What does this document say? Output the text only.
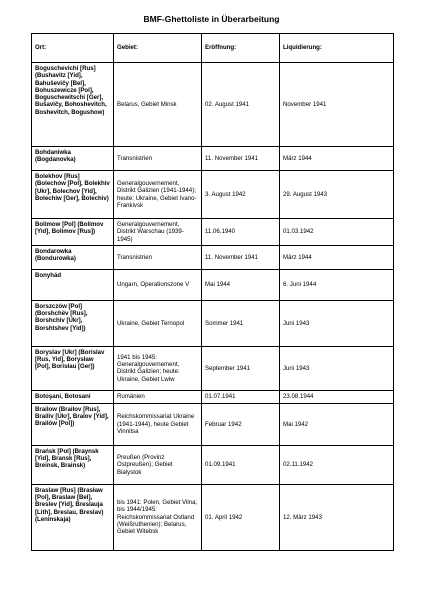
BMF-Ghettoliste in Überarbeitung
Ort:	Gebiet:	Eröffnung:	Liquidierung:
Boguschevichi [Rus] (Bushavitz [Yid], Bahuševičy [Bel], Bohuszewicze [Pol], Boguschewitschi [Ger], Bušavičy, Bohoshevitch, Boshevitch, Bogushow)	Belarus, Gebiet Minsk	02. August 1941	November 1941
Bohdaniwka (Bogdanovka)	Transnistrien	11. November 1941	März 1944
Bolekhov [Rus] (Bolechów [Pol], Bolekhiv [Ukr], Bolechov [Yid], Bolechiw [Ger], Bolechiv)	Generalgouvernement, Distrikt Galizien (1941-1944); heute: Ukraine, Gebiet Ivano-Frankivsk	3. August 1942	29. August 1943
Bolimow [Pol] (Bolimov [Yid], Bolimov [Rus])	Generalgouvernement, Distrikt Warschau (1939-1945)	11.06.1940	01.03.1942
Bondarowka (Bondurowka)	Transnistrien	11. November 1941	März 1944
Bonyhád	Ungarn, Operationszone V	Mai 1944	6. Juni 1944
Borszczów [Pol] (Borshchëv [Rus], Borshchiv [Ukr], Borshtshev [Yid])	Ukraine, Gebiet Ternopol	Sommer 1941	Juni 1943
Boryslav [Ukr] (Borislav [Rus, Yid], Borysław [Pol], Borisłau [Ger])	1941 bis 1945: Generalgouvernement, Distrikt Galizien; heute: Ukraine, Gebiet Lwiw	September 1941	Juni 1943
Botoşani, Botosani	Rumänien	01.07.1941	23.08.1944
Brailow (Brailov [Rus], Brailiv [Ukr], Bralov [Yid], Brailów [Pol])	Reichskommissariat Ukraine (1941-1944), heute Gebiet Vinnitsa	Februar 1942	Mai 1942
Brańsk [Pol] (Braynsk [Yid], Bransk [Rus], Breinsk, Brainsk)	Preußen (Provinz Ostpreußen); Gebiet Bialystok	01.09.1941	02.11.1942
Braslaw [Rus] (Brasław [Pol], Braslaw [Bel], Breslev [Yid], Breslauja [Lith], Breslau, Breslav) (Leninskaja)	bis 1941: Polen, Gebiet Vilna; bis 1944/1945: Reichskommissariat Ostland (Weißruthenien); Belarus, Gebiet Witebsk	01. April 1942	12. März 1943
